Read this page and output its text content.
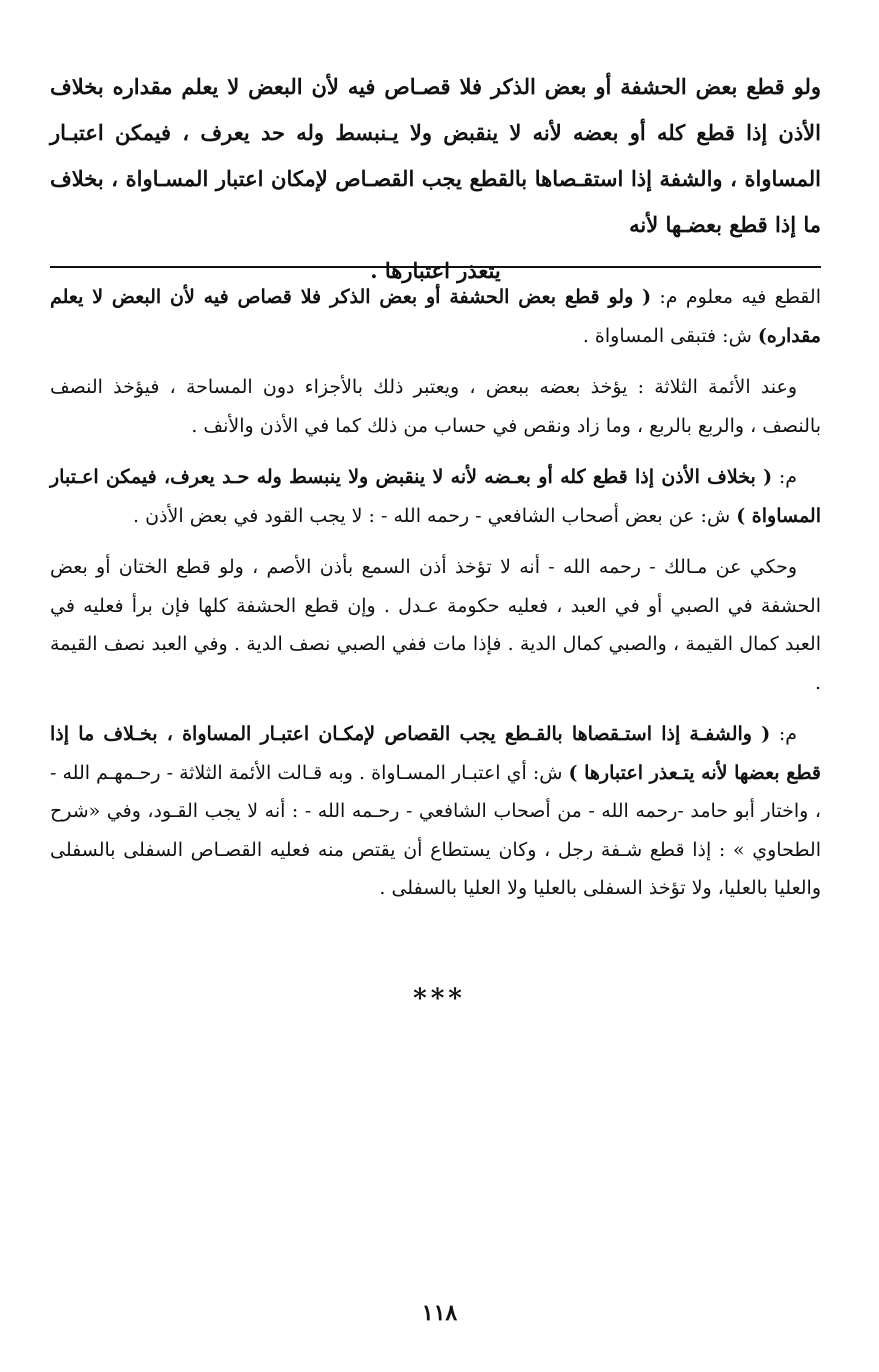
ولو قطع بعض الحشفة أو بعض الذكر فلا قصـاص فيه لأن البعض لا يعلم مقداره بخلاف الأذن إذا قطع كله أو بعضه لأنه لا ينقبض ولا يـنبسط وله حد يعرف ، فيمكن اعتبـار المساواة ، والشفة إذا استقـصاها بالقطع يجب القصـاص لإمكان اعتبار المسـاواة ، بخلاف ما إذا قطع بعضـها لأنه
يتعذر اعتبارها .

القطع فيه معلوم م: ( ولو قطع بعض الحشفة أو بعض الذكر فلا قصاص فيه لأن البعض لا يعلم مقداره) ش: فتبقى المساواة .

وعند الأئمة الثلاثة : يؤخذ بعضه ببعض ، ويعتبر ذلك بالأجزاء دون المساحة ، فيؤخذ النصف بالنصف ، والربع بالربع ، وما زاد ونقص في حساب من ذلك كما في الأذن والأنف .

م: ( بخلاف الأذن إذا قطع كله أو بعـضه لأنه لا ينقبض ولا ينبسط وله حـد يعرف، فيمكن اعـتبار المساواة ) ش: عن بعض أصحاب الشافعي - رحمه الله - : لا يجب القود في بعض الأذن .

وحكي عن مـالك - رحمه الله - أنه لا تؤخذ أذن السمع بأذن الأصم ، ولو قطع الختان أو بعض الحشفة في الصبي أو في العبد ، فعليه حكومة عـدل . وإن قطع الحشفة كلها فإن برأ فعليه في العبد كمال القيمة ، والصبي كمال الدية . فإذا مات ففي الصبي نصف الدية . وفي العبد نصف القيمة .

م: ( والشفـة إذا استـقصاها بالقـطع يجب القصاص لإمكـان اعتبـار المساواة ، بخـلاف ما إذا قطع بعضها لأنه يتـعذر اعتبارها ) ش: أي اعتبـار المسـاواة . وبه قـالت الأئمة الثلاثة - رحـمهـم الله - ، واختار أبو حامد -رحمه الله - من أصحاب الشافعي - رحـمه الله - : أنه لا يجب القـود، وفي «شرح الطحاوي » : إذا قطع شـفة رجل ، وكان يستطاع أن يقتص منه فعليه القصـاص السفلى بالسفلى والعليا بالعليا، ولا تؤخذ السفلى بالعليا ولا العليا بالسفلى .

***
١١٨
